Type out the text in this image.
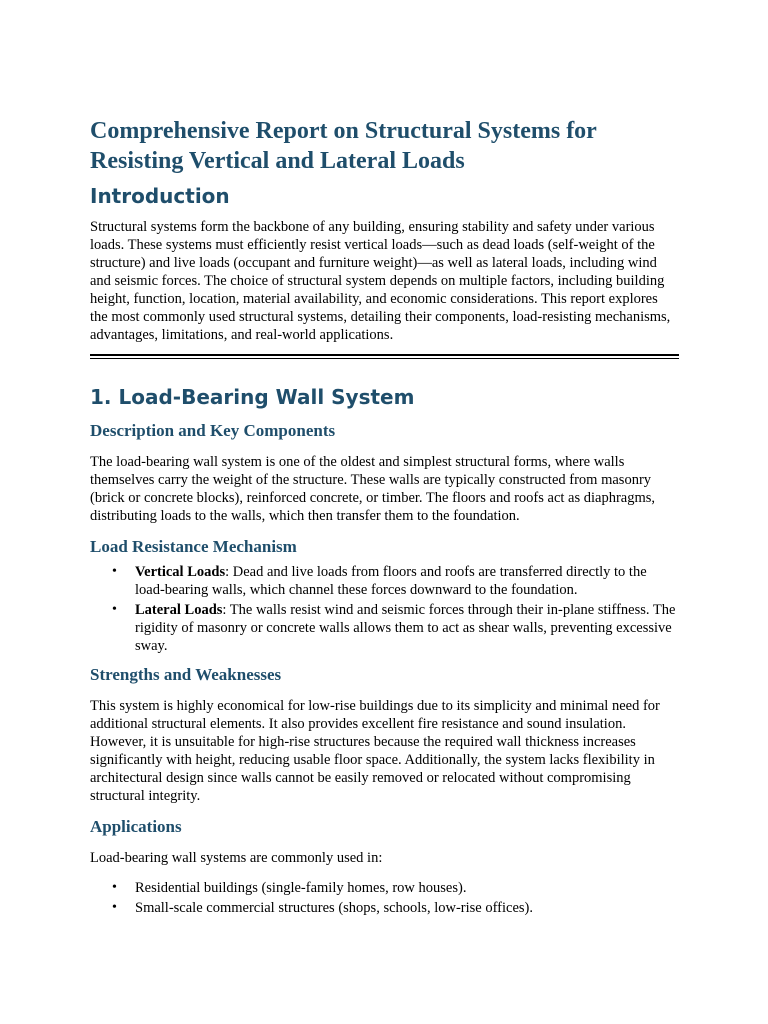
Comprehensive Report on Structural Systems for Resisting Vertical and Lateral Loads
Introduction

Structural systems form the backbone of any building, ensuring stability and safety under various loads. These systems must efficiently resist vertical loads—such as dead loads (self-weight of the structure) and live loads (occupant and furniture weight)—as well as lateral loads, including wind and seismic forces. The choice of structural system depends on multiple factors, including building height, function, location, material availability, and economic considerations. This report explores the most commonly used structural systems, detailing their components, load-resisting mechanisms, advantages, limitations, and real-world applications.

1. Load-Bearing Wall System
Description and Key Components

The load-bearing wall system is one of the oldest and simplest structural forms, where walls themselves carry the weight of the structure. These walls are typically constructed from masonry (brick or concrete blocks), reinforced concrete, or timber. The floors and roofs act as diaphragms, distributing loads to the walls, which then transfer them to the foundation.

Load Resistance Mechanism
• Vertical Loads: Dead and live loads from floors and roofs are transferred directly to the load-bearing walls, which channel these forces downward to the foundation.
• Lateral Loads: The walls resist wind and seismic forces through their in-plane stiffness. The rigidity of masonry or concrete walls allows them to act as shear walls, preventing excessive sway.
Strengths and Weaknesses

This system is highly economical for low-rise buildings due to its simplicity and minimal need for additional structural elements. It also provides excellent fire resistance and sound insulation. However, it is unsuitable for high-rise structures because the required wall thickness increases significantly with height, reducing usable floor space. Additionally, the system lacks flexibility in architectural design since walls cannot be easily removed or relocated without compromising structural integrity.

Applications

Load-bearing wall systems are commonly used in:

• Residential buildings (single-family homes, row houses).
• Small-scale commercial structures (shops, schools, low-rise offices).
